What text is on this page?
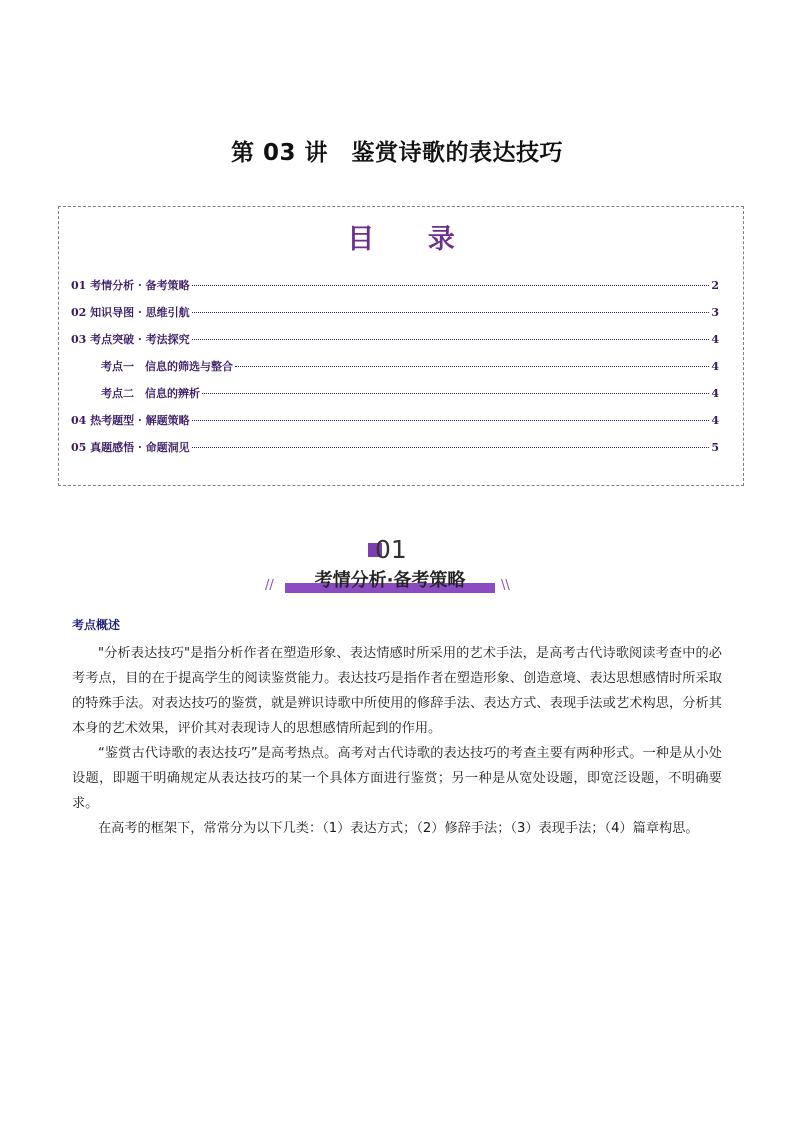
第 03 讲　鉴赏诗歌的表达技巧
目 录
01 考情分析 · 备考策略	2
02 知识导图 · 思维引航	3
03 考点突破 · 考法探究	4
考点一　信息的筛选与整合	4
考点二　信息的辨析	4
04 热考题型 · 解题策略	4
05 真题感悟 · 命题洞见	5
01
//	考情分析·备考策略	\\
考点概述

"分析表达技巧"是指分析作者在塑造形象、表达情感时所采用的艺术手法，是高考古代诗歌阅读考查中的必考考点，目的在于提高学生的阅读鉴赏能力。表达技巧是指作者在塑造形象、创造意境、表达思想感情时所采取的特殊手法。对表达技巧的鉴赏，就是辨识诗歌中所使用的修辞手法、表达方式、表现手法或艺术构思，分析其本身的艺术效果，评价其对表现诗人的思想感情所起到的作用。

“鉴赏古代诗歌的表达技巧”是高考热点。高考对古代诗歌的表达技巧的考查主要有两种形式。一种是从小处设题，即题干明确规定从表达技巧的某一个具体方面进行鉴赏；另一种是从宽处设题，即宽泛设题，不明确要求。

在高考的框架下，常常分为以下几类：（1）表达方式；（2）修辞手法；（3）表现手法；（4）篇章构思。
